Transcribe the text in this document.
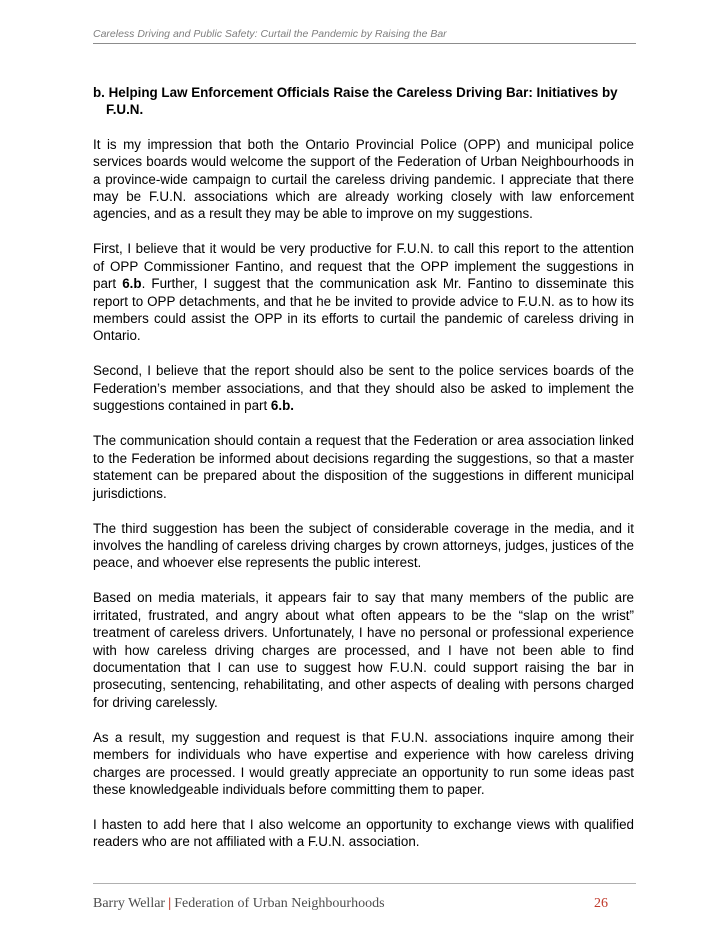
Careless Driving and Public Safety: Curtail the Pandemic by Raising the Bar
b. Helping Law Enforcement Officials Raise the Careless Driving Bar: Initiatives by F.U.N.

It is my impression that both the Ontario Provincial Police (OPP) and municipal police services boards would welcome the support of the Federation of Urban Neighbourhoods in a province-wide campaign to curtail the careless driving pandemic. I appreciate that there may be F.U.N. associations which are already working closely with law enforcement agencies, and as a result they may be able to improve on my suggestions.

First, I believe that it would be very productive for F.U.N. to call this report to the attention of OPP Commissioner Fantino, and request that the OPP implement the suggestions in part 6.b. Further, I suggest that the communication ask Mr. Fantino to disseminate this report to OPP detachments, and that he be invited to provide advice to F.U.N. as to how its members could assist the OPP in its efforts to curtail the pandemic of careless driving in Ontario.

Second, I believe that the report should also be sent to the police services boards of the Federation’s member associations, and that they should also be asked to implement the suggestions contained in part 6.b.

The communication should contain a request that the Federation or area association linked to the Federation be informed about decisions regarding the suggestions, so that a master statement can be prepared about the disposition of the suggestions in different municipal jurisdictions.

The third suggestion has been the subject of considerable coverage in the media, and it involves the handling of careless driving charges by crown attorneys, judges, justices of the peace, and whoever else represents the public interest.

Based on media materials, it appears fair to say that many members of the public are irritated, frustrated, and angry about what often appears to be the “slap on the wrist” treatment of careless drivers. Unfortunately, I have no personal or professional experience with how careless driving charges are processed, and I have not been able to find documentation that I can use to suggest how F.U.N. could support raising the bar in prosecuting, sentencing, rehabilitating, and other aspects of dealing with persons charged for driving carelessly.

As a result, my suggestion and request is that F.U.N. associations inquire among their members for individuals who have expertise and experience with how careless driving charges are processed. I would greatly appreciate an opportunity to run some ideas past these knowledgeable individuals before committing them to paper.

I hasten to add here that I also welcome an opportunity to exchange views with qualified readers who are not affiliated with a F.U.N. association.

Barry Wellar | Federation of Urban Neighbourhoods	26
